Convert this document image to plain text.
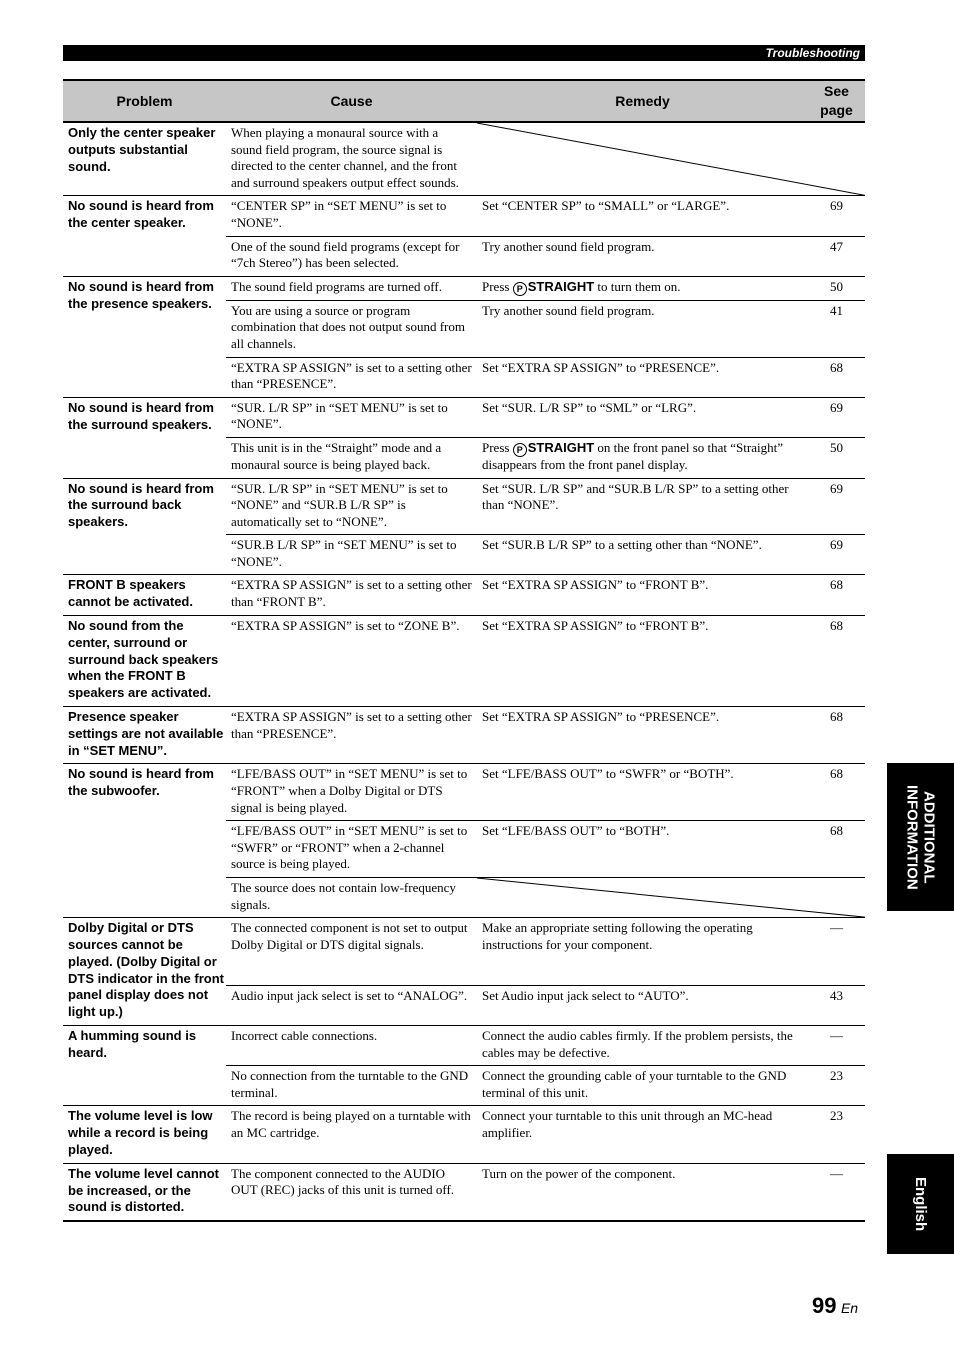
Troubleshooting
Problem	Cause	Remedy	See page
Only the center speaker outputs substantial sound.	When playing a monaural source with a sound field program, the source signal is directed to the center channel, and the front and surround speakers output effect sounds.	

No sound is heard from the center speaker.	“CENTER SP” in “SET MENU” is set to “NONE”.	Set “CENTER SP” to “SMALL” or “LARGE”.	69
	One of the sound field programs (except for “7ch Stereo”) has been selected.	Try another sound field program.	47
No sound is heard from the presence speakers.	The sound field programs are turned off.	Press P STRAIGHT to turn them on.	50
	You are using a source or program combination that does not output sound from all channels.	Try another sound field program.	41
	“EXTRA SP ASSIGN” is set to a setting other than “PRESENCE”.	Set “EXTRA SP ASSIGN” to “PRESENCE”.	68
No sound is heard from the surround speakers.	“SUR. L/R SP” in “SET MENU” is set to “NONE”.	Set “SUR. L/R SP” to “SML” or “LRG”.	69
	This unit is in the “Straight” mode and a monaural source is being played back.	Press P STRAIGHT on the front panel so that “Straight” disappears from the front panel display.	50
No sound is heard from the surround back speakers.	“SUR. L/R SP” in “SET MENU” is set to “NONE” and “SUR.B L/R SP” is automatically set to “NONE”.	Set “SUR. L/R SP” and “SUR.B L/R SP” to a setting other than “NONE”.	69
	“SUR.B L/R SP” in “SET MENU” is set to “NONE”.	Set “SUR.B L/R SP” to a setting other than “NONE”.	69
FRONT B speakers cannot be activated.	“EXTRA SP ASSIGN” is set to a setting other than “FRONT B”.	Set “EXTRA SP ASSIGN” to “FRONT B”.	68
No sound from the center, surround or surround back speakers when the FRONT B speakers are activated.	“EXTRA SP ASSIGN” is set to “ZONE B”.	Set “EXTRA SP ASSIGN” to “FRONT B”.	68
Presence speaker settings are not available in “SET MENU”.	“EXTRA SP ASSIGN” is set to a setting other than “PRESENCE”.	Set “EXTRA SP ASSIGN” to “PRESENCE”.	68
No sound is heard from the subwoofer.	“LFE/BASS OUT” in “SET MENU” is set to “FRONT” when a Dolby Digital or DTS signal is being played.	Set “LFE/BASS OUT” to “SWFR” or “BOTH”.	68
	“LFE/BASS OUT” in “SET MENU” is set to “SWFR” or “FRONT” when a 2-channel source is being played.	Set “LFE/BASS OUT” to “BOTH”.	68
	The source does not contain low-frequency signals.	

Dolby Digital or DTS sources cannot be played. (Dolby Digital or DTS indicator in the front panel display does not light up.)	The connected component is not set to output Dolby Digital or DTS digital signals.	Make an appropriate setting following the operating instructions for your component.	—
	Audio input jack select is set to “ANALOG”.	Set Audio input jack select to “AUTO”.	43
A humming sound is heard.	Incorrect cable connections.	Connect the audio cables firmly. If the problem persists, the cables may be defective.	—
	No connection from the turntable to the GND terminal.	Connect the grounding cable of your turntable to the GND terminal of this unit.	23
The volume level is low while a record is being played.	The record is being played on a turntable with an MC cartridge.	Connect your turntable to this unit through an MC-head amplifier.	23
The volume level cannot be increased, or the sound is distorted.	The component connected to the AUDIO OUT (REC) jacks of this unit is turned off.	Turn on the power of the component.	—
ADDITIONAL INFORMATION
English
99 En
